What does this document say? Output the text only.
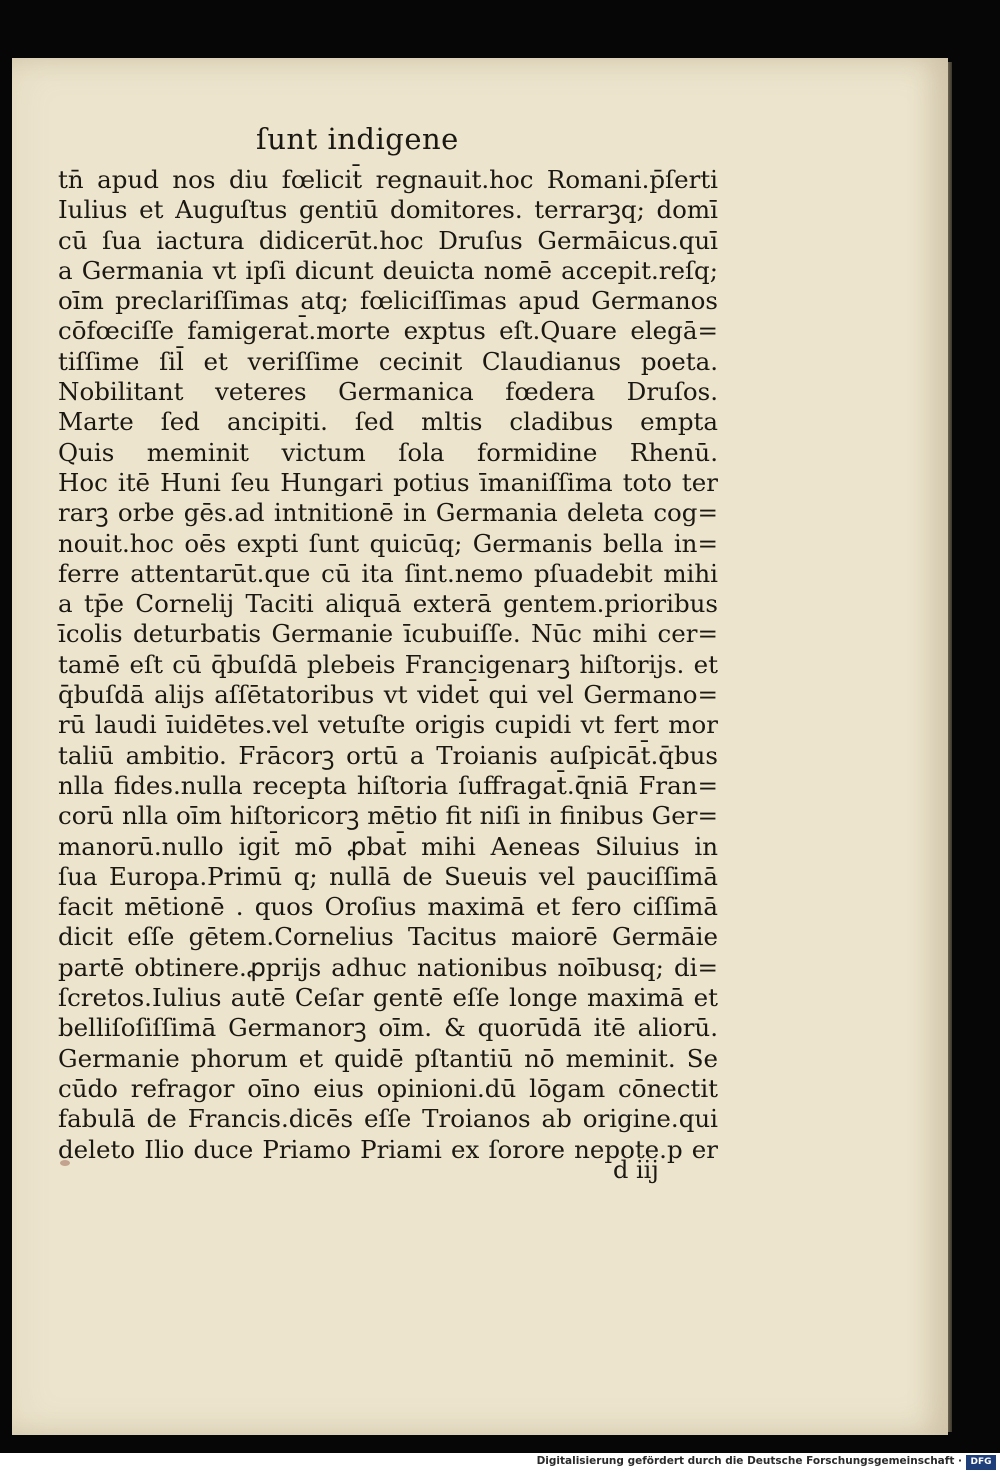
ſunt indigene
tn̄ apud nos diu fœlicit̄ regnauit.hoc Romani.p̄ſerti
Iulius et Auguſtus gentiū domitores. terrarꝫq; domī
cū ſua iactura didicerūt.hoc Druſus Germāicus.quī
a Germania vt ipſi dicunt deuicta nomē accepit.reſq;
oīm preclariſſimas atq; fœliciſſimas apud Germanos
cōfœciſſe famigerat̄.morte exptus eſt.Quare elegā=
tiſſime ſil̄ et veriſſime cecinit Claudianus poeta.
Nobilitant veteres Germanica fœdera Druſos.
Marte ſed ancipiti. ſed mltis cladibus empta
Quis meminit victum ſola formidine Rhenū.
Hoc itē Huni ſeu Hungari potius īmaniſſima toto ter
rarꝫ orbe gēs.ad intnitionē in Germania deleta cog=
nouit.hoc oēs expti ſunt quicūq; Germanis bella in=
ferre attentarūt.que cū ita ſint.nemo pſuadebit mihi
a tp̄e Cornelij Taciti aliquā exterā gentem.prioribus
īcolis deturbatis Germanie īcubuiſſe. Nūc mihi cer=
tamē eſt cū q̄buſdā plebeis Francigenarꝫ hiſtorijs. et
q̄buſdā alijs aſſētatoribus vt videt̄ qui vel Germano=
rū laudi īuidētes.vel vetuſte origis cupidi vt fert mor
taliū ambitio. Frācorꝫ ortū a Troianis auſpicāt̄.q̄bus
nlla fides.nulla recepta hiſtoria ſuffragat̄.q̄niā Fran=
corū nlla oīm hiſtoricorꝫ mētio fit niſi in finibus Ger=
manorū.nullo igit̄ mō ꝓbat̄ mihi Aeneas Siluius in
ſua Europa.Primū q; nullā de Sueuis vel pauciſſimā
facit mētionē . quos Oroſius maximā et fero ciſſimā
dicit eſſe gētem.Cornelius Tacitus maiorē Germāie
partē obtinere.ꝓprijs adhuc nationibus noībusq; di=
ſcretos.Iulius autē Ceſar gentē eſſe longe maximā et
belliſoſiſſimā Germanorꝫ oīm. & quorūdā itē aliorū.
Germanie phorum et quidē pſtantiū nō meminit. Se
cūdo refragor oīno eius opinioni.dū lōgam cōnectit
fabulā de Francis.dicēs eſſe Troianos ab origine.qui
deleto Ilio duce Priamo Priami ex ſorore nepote.p er
d iij
Digitalisierung gefördert durch die Deutsche Forschungsgemeinschaft · DFG
